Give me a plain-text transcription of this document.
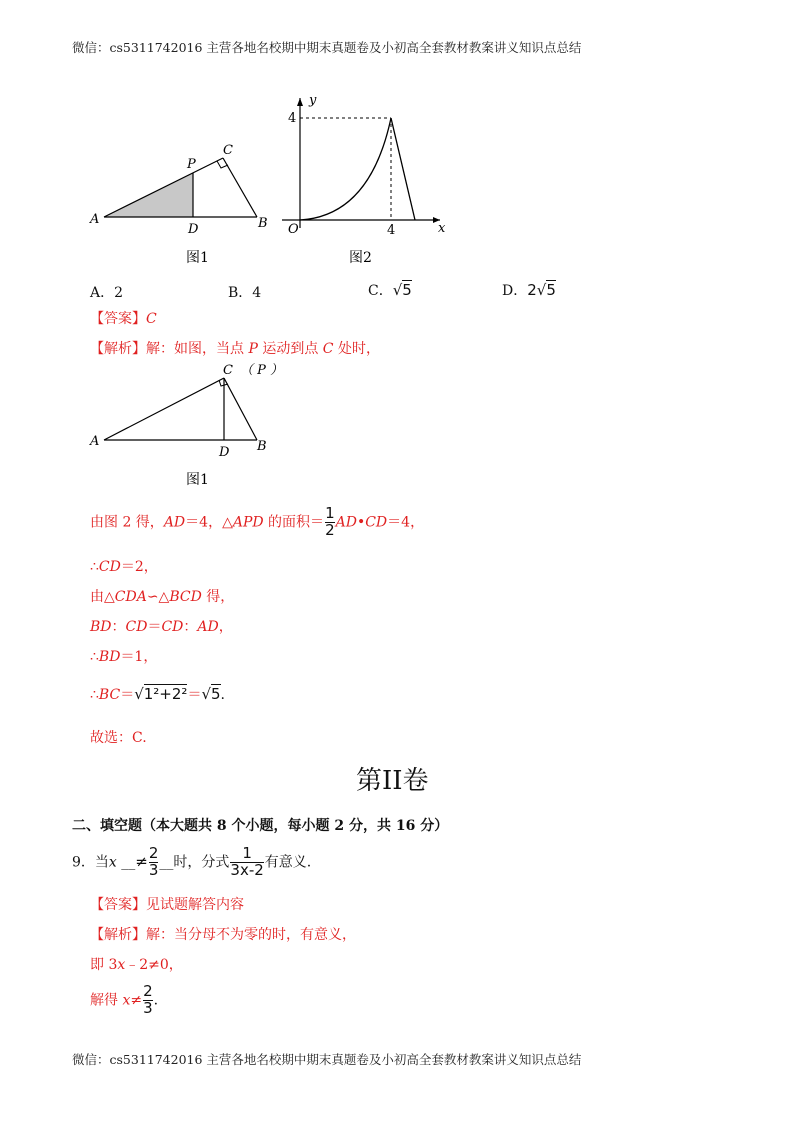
微信：cs5311742016 主营各地名校期中期末真题卷及小初高全套教材教案讲义知识点总结
A
P
C
D	B
图1
y
x
O
4
4
图2
A．2	B．4	C．√5	D．2√5
【答案】C
【解析】解：如图，当点 P 运动到点 C 处时，
A
C （ P ）
D B
图1
由图 2 得，AD＝4，△APD 的面积＝ $\frac{1}{2}$ AD•CD＝4，
∴CD＝2，
由△CDA∽△BCD 得，
BD：CD＝CD：AD，
∴BD＝1，
∴BC＝√1²+2²＝√5.
故选：C.
第II卷
二、填空题（本大题共 8 个小题，每小题 2 分，共 16 分）
9．当x __≠ $\frac{2}{3}$ __时，分式 $\frac{1}{3x-2}$ 有意义.
【答案】见试题解答内容
【解析】解：当分母不为零的时，有意义，
即 3x﹣2≠0，
解得 $x\ne \frac{2}{3}$ .
微信：cs5311742016 主营各地名校期中期末真题卷及小初高全套教材教案讲义知识点总结
